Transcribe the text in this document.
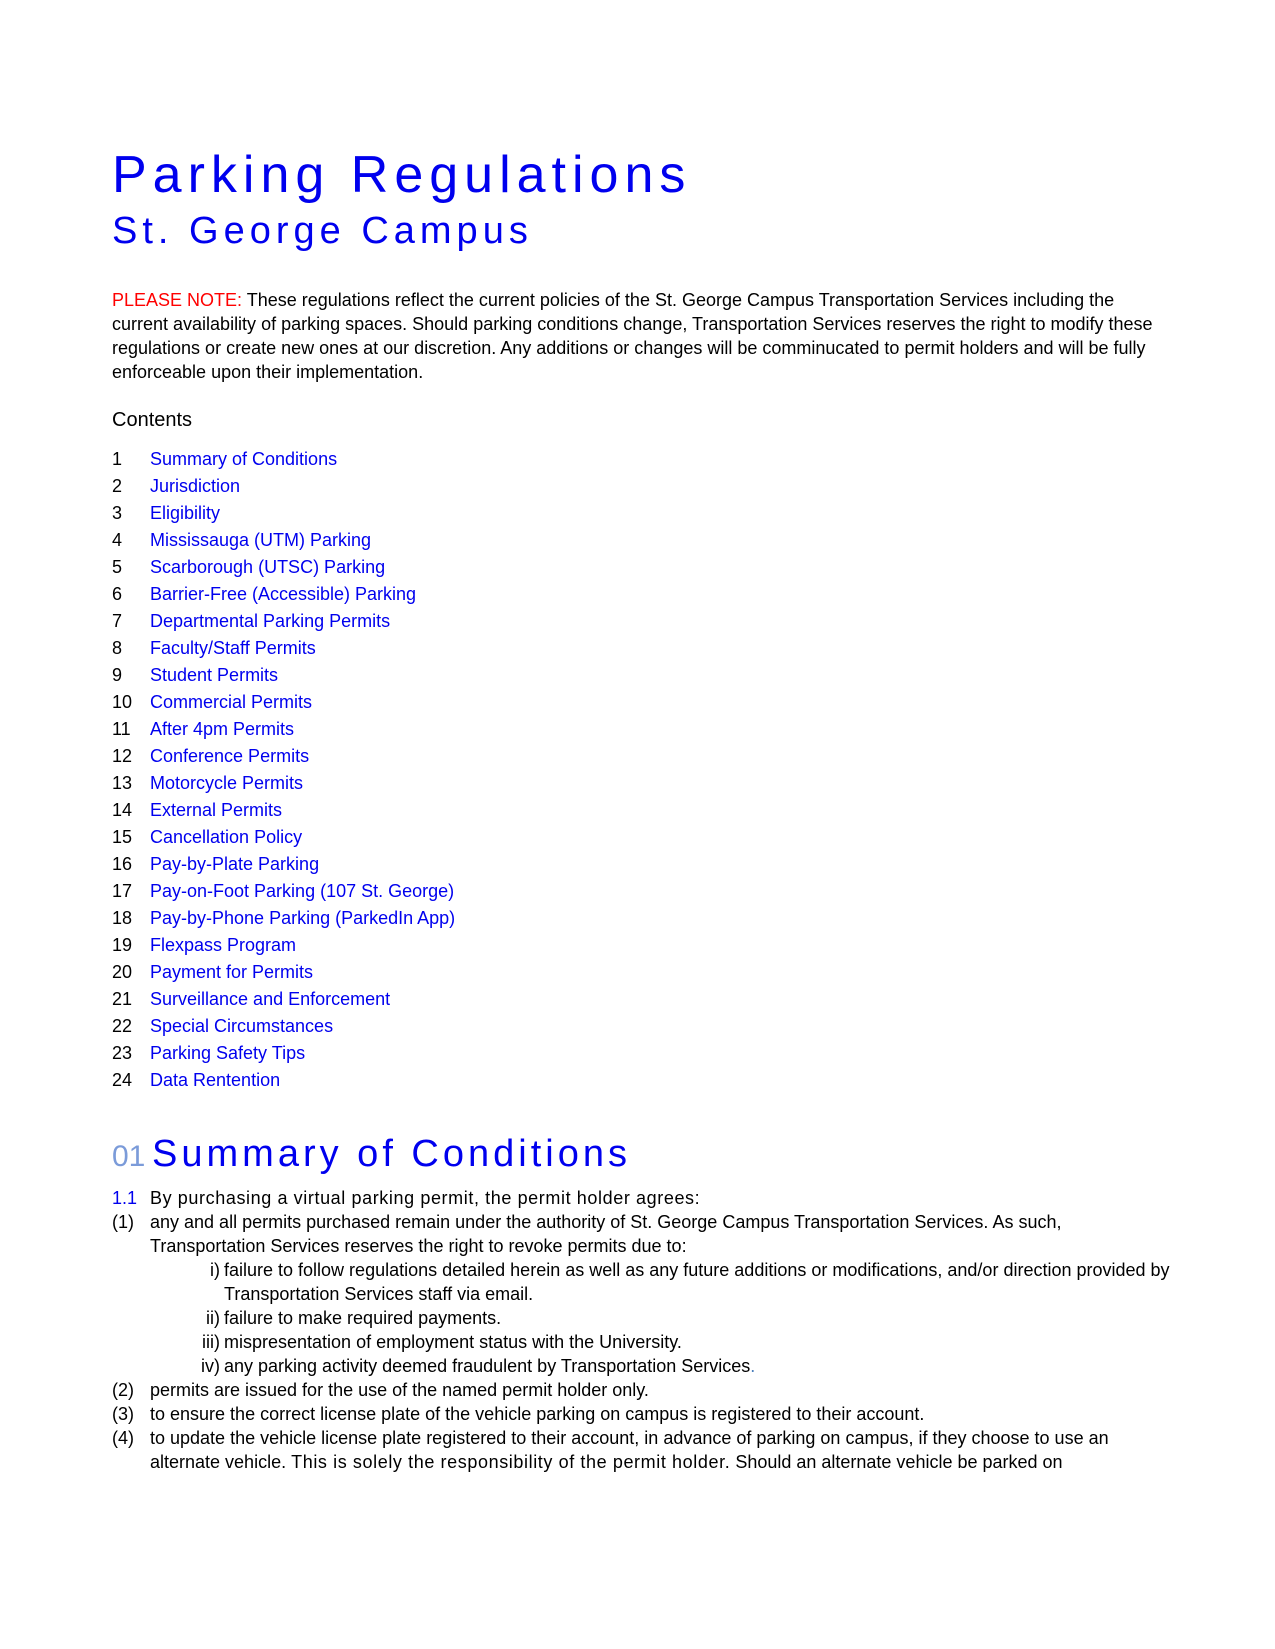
Parking Regulations
St. George Campus

PLEASE NOTE: These regulations reflect the current policies of the St. George Campus Transportation Services including the current availability of parking spaces. Should parking conditions change, Transportation Services reserves the right to modify these regulations or create new ones at our discretion. Any additions or changes will be comminucated to permit holders and will be fully enforceable upon their implementation.

Contents
1	Summary of Conditions
2	Jurisdiction
3	Eligibility
4	Mississauga (UTM) Parking
5	Scarborough (UTSC) Parking
6	Barrier-Free (Accessible) Parking
7	Departmental Parking Permits
8	Faculty/Staff Permits
9	Student Permits
10 Commercial Permits
11	After 4pm Permits
12 Conference Permits
13 Motorcycle Permits
14 External Permits
15 Cancellation Policy
16 Pay-by-Plate Parking
17 Pay-on-Foot Parking (107 St. George)
18 Pay-by-Phone Parking (ParkedIn App)
19 Flexpass Program
20 Payment for Permits
21 Surveillance and Enforcement
22 Special Circumstances
23 Parking Safety Tips
24 Data Rentention
01 Summary of Conditions
1.1 By purchasing a virtual parking permit, the permit holder agrees:
(1) any and all permits purchased remain under the authority of St. George Campus Transportation Services. As such, Transportation Services reserves the right to revoke permits due to:
i) failure to follow regulations detailed herein as well as any future additions or modifications, and/or direction provided by Transportation Services staff via email.
ii) failure to make required payments.
iii) mispresentation of employment status with the University.
iv) any parking activity deemed fraudulent by Transportation Services.
(2) permits are issued for the use of the named permit holder only.
(3) to ensure the correct license plate of the vehicle parking on campus is registered to their account.
(4) to update the vehicle license plate registered to their account, in advance of parking on campus, if they choose to use an alternate vehicle. This is solely the responsibility of the permit holder. Should an alternate vehicle be parked on
